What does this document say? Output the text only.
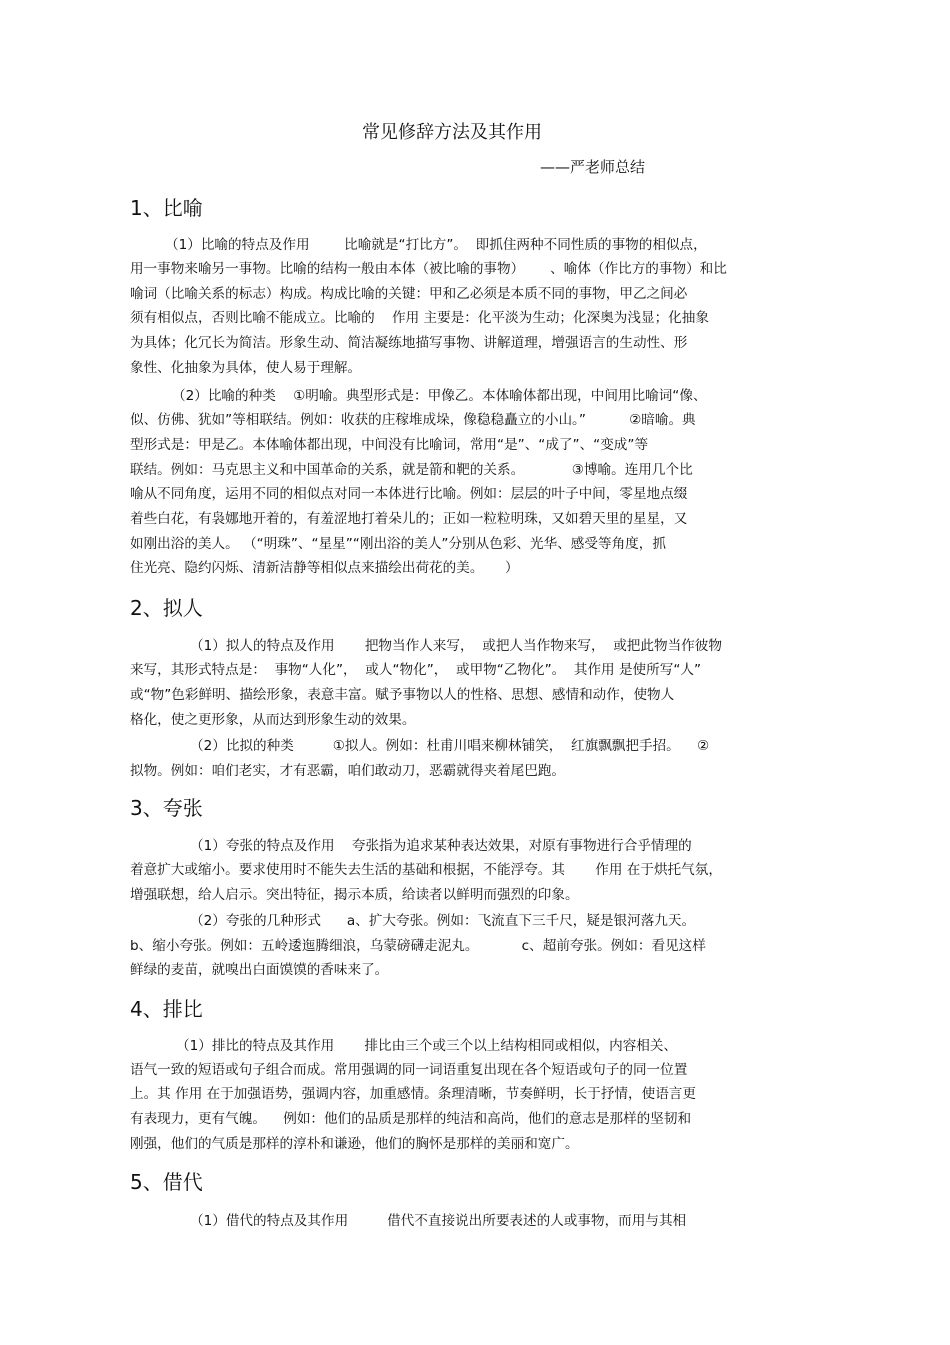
常见修辞方法及其作用
——严老师总结
1、比喻
（1）比喻的特点及作用        比喻就是“打比方”。  即抓住两种不同性质的事物的相似点，
用一事物来喻另一事物。比喻的结构一般由本体（被比喻的事物）      、喻体（作比方的事物）和比
喻词（比喻关系的标志）构成。构成比喻的关键：甲和乙必须是本质不同的事物，甲乙之间必
须有相似点，否则比喻不能成立。比喻的    作用 主要是：化平淡为生动；化深奥为浅显；化抽象
为具体；化冗长为简洁。形象生动、简洁凝练地描写事物、讲解道理，增强语言的生动性、形
象性、化抽象为具体，使人易于理解。
（2）比喻的种类    ①明喻。典型形式是：甲像乙。本体喻体都出现，中间用比喻词“像、
似、仿佛、犹如”等相联结。例如：收获的庄稼堆成垛，像稳稳矗立的小山。”          ②暗喻。典
型形式是：甲是乙。本体喻体都出现，中间没有比喻词，常用“是”、“成了”、“变成”等
联结。例如：马克思主义和中国革命的关系，就是箭和靶的关系。           ③博喻。连用几个比
喻从不同角度，运用不同的相似点对同一本体进行比喻。例如：层层的叶子中间，零星地点缀
着些白花，有袅娜地开着的，有羞涩地打着朵儿的；正如一粒粒明珠，又如碧天里的星星，又
如刚出浴的美人。 （“明珠”、“星星”“刚出浴的美人”分别从色彩、光华、感受等角度，抓
住光亮、隐约闪烁、清新洁静等相似点来描绘出荷花的美。     ）
2、拟人
（1）拟人的特点及作用       把物当作人来写，  或把人当作物来写，  或把此物当作彼物
来写，其形式特点是：  事物“人化”，  或人“物化”，  或甲物“乙物化”。  其作用 是使所写“人”
或“物”色彩鲜明、描绘形象，表意丰富。赋予事物以人的性格、思想、感情和动作，使物人
格化，使之更形象，从而达到形象生动的效果。
（2）比拟的种类         ①拟人。例如：杜甫川唱来柳林铺笑，  红旗飘飘把手招。    ②
拟物。例如：咱们老实，才有恶霸，咱们敢动刀，恶霸就得夹着尾巴跑。
3、夸张
（1）夸张的特点及作用    夸张指为追求某种表达效果，对原有事物进行合乎情理的
着意扩大或缩小。要求使用时不能失去生活的基础和根据，不能浮夸。其       作用 在于烘托气氛，
增强联想，给人启示。突出特征，揭示本质，给读者以鲜明而强烈的印象。
（2）夸张的几种形式      a、扩大夸张。例如：飞流直下三千尺，疑是银河落九天。
b、缩小夸张。例如：五岭逶迤腾细浪，乌蒙磅礴走泥丸。          c、超前夸张。例如：看见这样
鲜绿的麦苗，就嗅出白面馍馍的香味来了。
4、排比
（1）排比的特点及其作用       排比由三个或三个以上结构相同或相似，内容相关、
语气一致的短语或句子组合而成。常用强调的同一词语重复出现在各个短语或句子的同一位置
上。其 作用 在于加强语势，强调内容，加重感情。条理清晰，节奏鲜明，长于抒情，使语言更
有表现力，更有气魄。    例如：他们的品质是那样的纯洁和高尚，他们的意志是那样的坚韧和
刚强，他们的气质是那样的淳朴和谦逊，他们的胸怀是那样的美丽和宽广。
5、借代
（1）借代的特点及其作用         借代不直接说出所要表述的人或事物，而用与其相
